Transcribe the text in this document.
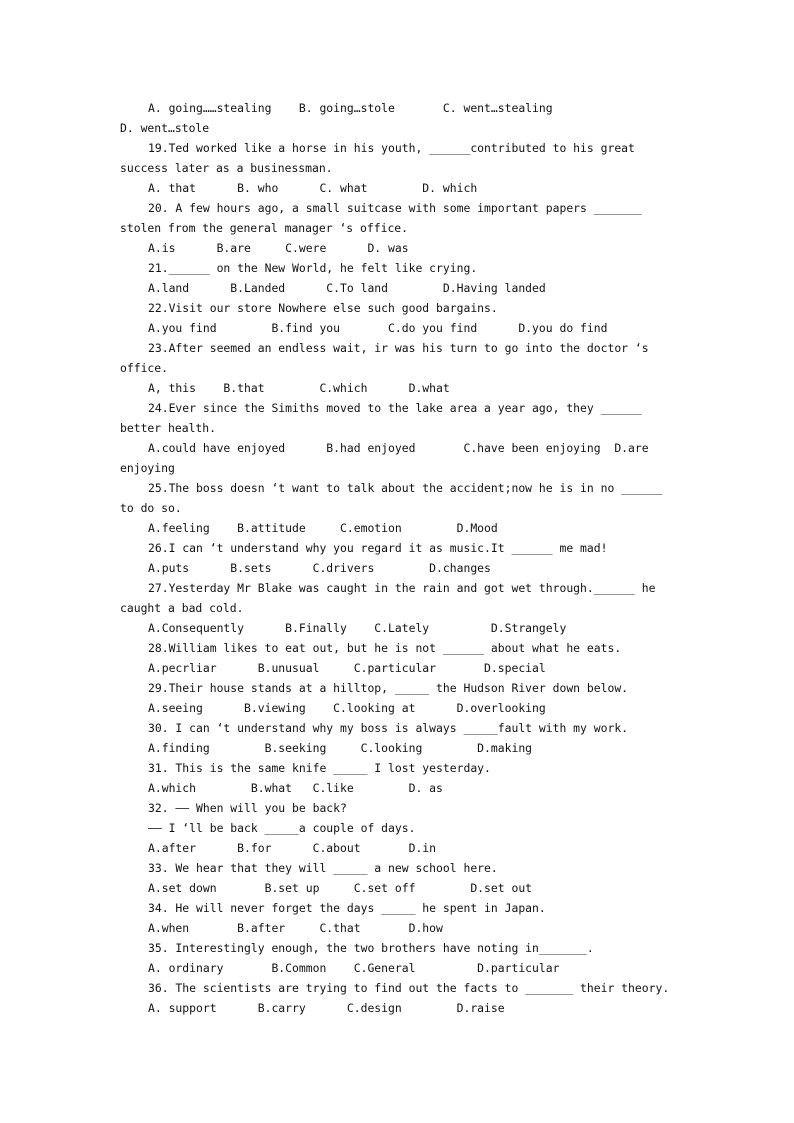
A. going……stealing    B. going…stole       C. went…stealing
D. went…stole
19.Ted worked like a horse in his youth, ______contributed to his great
success later as a businessman.
A. that      B. who      C. what        D. which
20. A few hours ago, a small suitcase with some important papers _______
stolen from the general manager ‘s office.
A.is      B.are     C.were      D. was
21.______ on the New World, he felt like crying.
A.land      B.Landed      C.To land        D.Having landed
22.Visit our store Nowhere else such good bargains.
A.you find        B.find you       C.do you find      D.you do find
23.After seemed an endless wait, ir was his turn to go into the doctor ‘s
office.
A, this    B.that        C.which      D.what
24.Ever since the Simiths moved to the lake area a year ago, they ______
better health.
A.could have enjoyed      B.had enjoyed       C.have been enjoying  D.are
enjoying
25.The boss doesn ‘t want to talk about the accident;now he is in no ______
to do so.
A.feeling    B.attitude     C.emotion        D.Mood
26.I can ‘t understand why you regard it as music.It ______ me mad!
A.puts      B.sets      C.drivers        D.changes
27.Yesterday Mr Blake was caught in the rain and got wet through.______ he
caught a bad cold.
A.Consequently      B.Finally    C.Lately         D.Strangely
28.William likes to eat out, but he is not ______ about what he eats.
A.pecrliar      B.unusual     C.particular       D.special
29.Their house stands at a hilltop, _____ the Hudson River down below.
A.seeing      B.viewing    C.looking at      D.overlooking
30. I can ‘t understand why my boss is always _____fault with my work.
A.finding        B.seeking     C.looking        D.making
31. This is the same knife _____ I lost yesterday.
A.which        B.what   C.like        D. as
32. —— When will you be back?
—— I ‘ll be back _____a couple of days.
A.after      B.for      C.about       D.in
33. We hear that they will _____ a new school here.
A.set down       B.set up     C.set off        D.set out
34. He will never forget the days _____ he spent in Japan.
A.when       B.after     C.that       D.how
35. Interestingly enough, the two brothers have noting in_______.
A. ordinary       B.Common    C.General         D.particular
36. The scientists are trying to find out the facts to _______ their theory.
A. support      B.carry      C.design        D.raise
